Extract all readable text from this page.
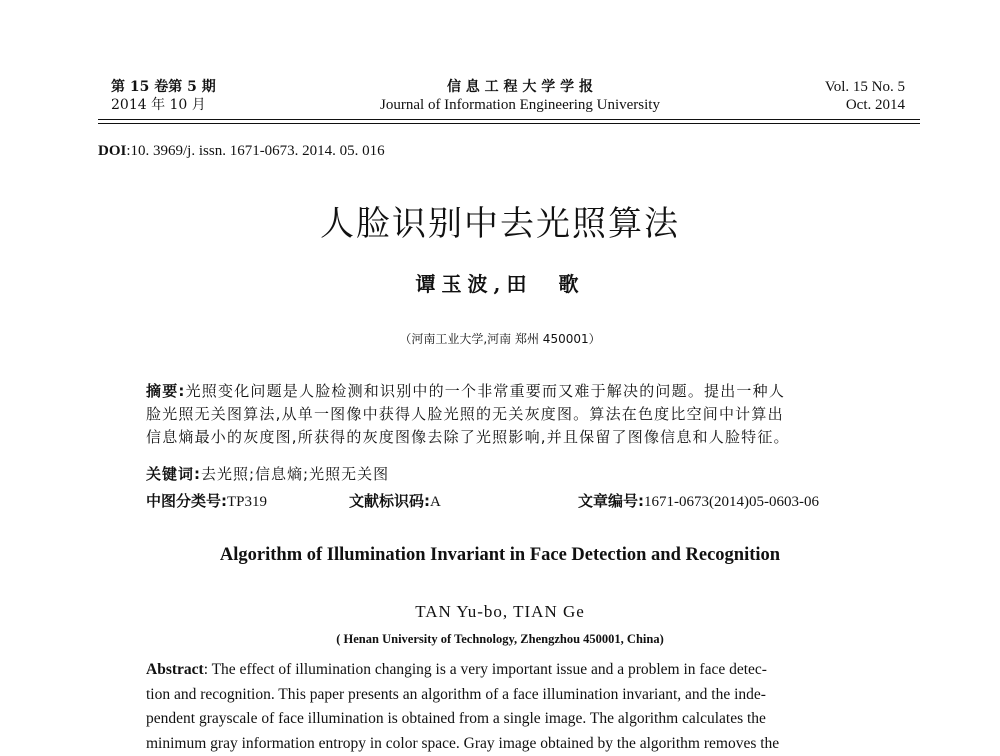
第 15 卷第 5 期
2014 年 10 月
信 息 工 程 大 学 学 报
Journal of Information Engineering University
Vol. 15 No. 5
Oct. 2014
DOI:10. 3969/j. issn. 1671-0673. 2014. 05. 016
人脸识别中去光照算法
谭玉波,田　歌
（河南工业大学,河南 郑州 450001）
摘要:光照变化问题是人脸检测和识别中的一个非常重要而又难于解决的问题。提出一种人
脸光照无关图算法,从单一图像中获得人脸光照的无关灰度图。算法在色度比空间中计算出
信息熵最小的灰度图,所获得的灰度图像去除了光照影响,并且保留了图像信息和人脸特征。
关键词:去光照;信息熵;光照无关图
中图分类号:TP319	文献标识码:A	文章编号:1671-0673(2014)05-0603-06
Algorithm of Illumination Invariant in Face Detection and Recognition
TAN Yu-bo, TIAN Ge
( Henan University of Technology, Zhengzhou 450001, China)
Abstract: The effect of illumination changing is a very important issue and a problem in face detec-
tion and recognition. This paper presents an algorithm of a face illumination invariant, and the inde-
pendent grayscale of face illumination is obtained from a single image. The algorithm calculates the
minimum gray information entropy in color space. Gray image obtained by the algorithm removes the
